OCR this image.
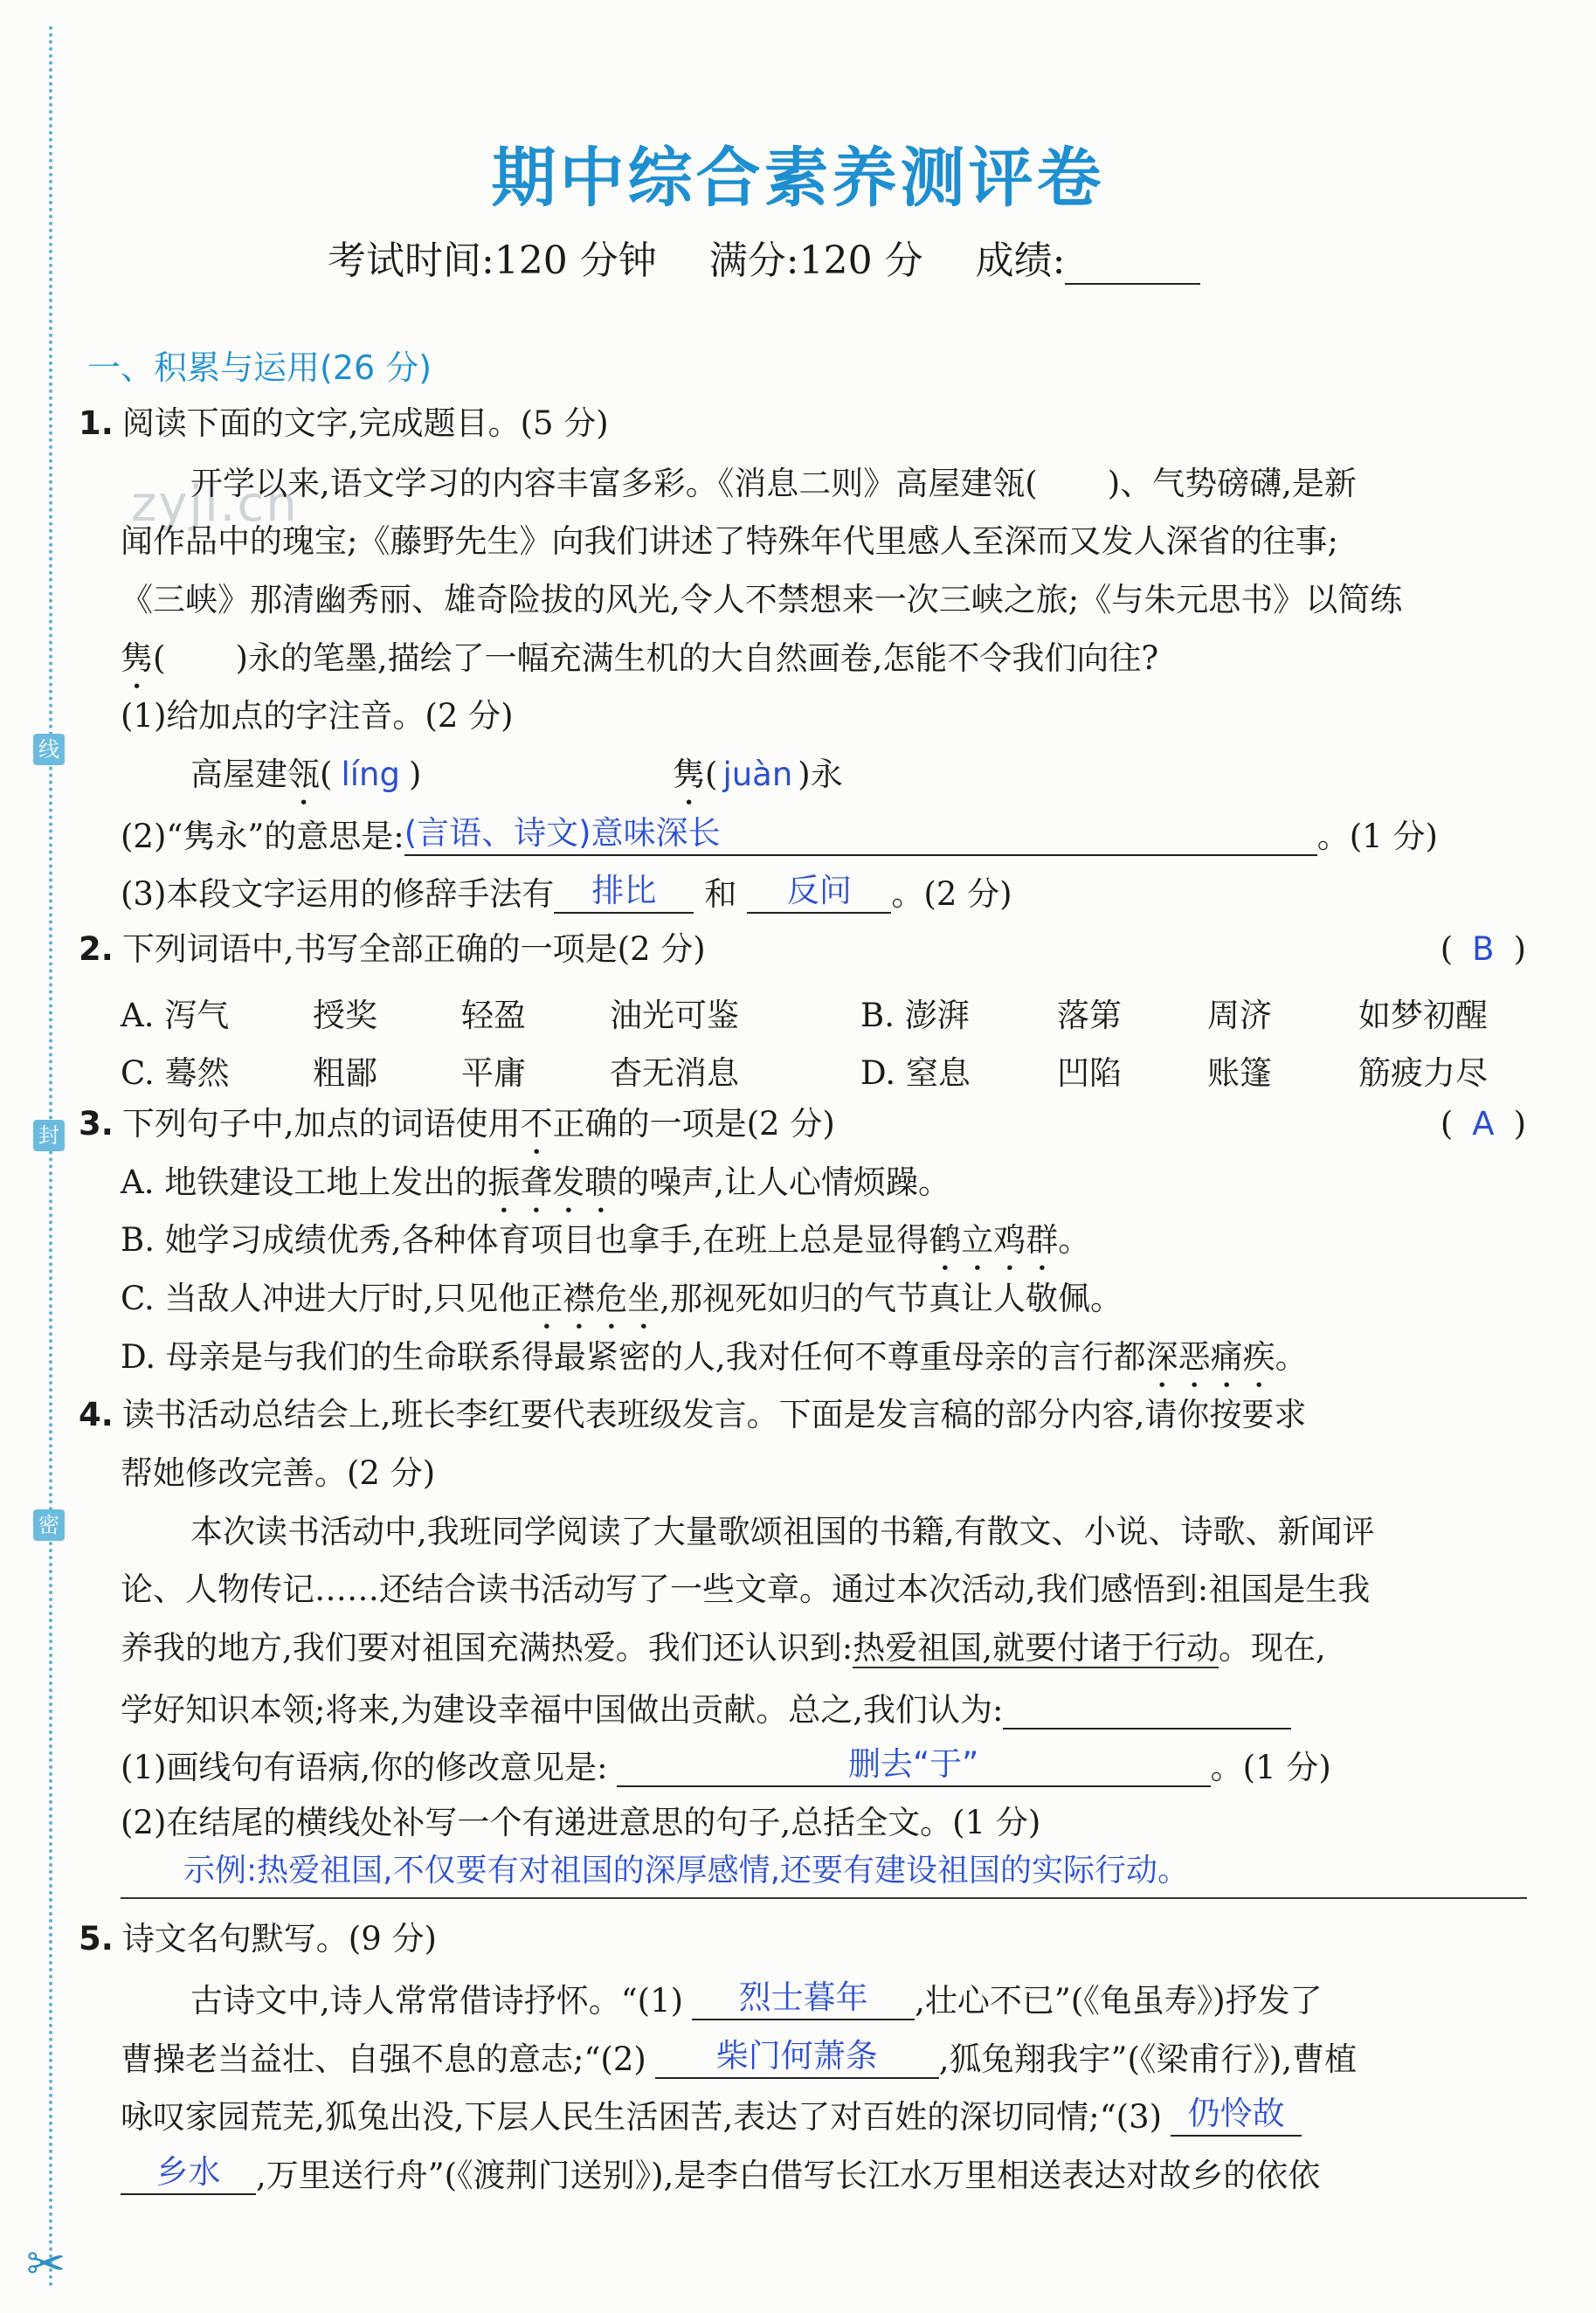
线
封
密
✂
zyjl.cn
期中综合素养测评卷
考试时间:120 分钟 满分:120 分 成绩:
一、积累与运用(26 分)
1. 阅读下面的文字,完成题目。(5 分)

开学以来,语文学习的内容丰富多彩。《消息二则》高屋建瓴( )、气势磅礴,是新

闻作品中的瑰宝;《藤野先生》向我们讲述了特殊年代里感人至深而又发人深省的往事;
《三峡》那清幽秀丽、雄奇险拔的风光,令人不禁想来一次三峡之旅;《与朱元思书》以简练
隽( )永的笔墨,描绘了一幅充满生机的大自然画卷,怎能不令我们向往?
(1)给加点的字注音。(2 分)
高屋建瓴( líng )	隽( juàn )永
(2)“隽永”的意思是:(言语、诗文)意味深长	。(1 分)
(3)本段文字运用的修辞手法有 排比 和 反问 。(2 分)
2. 下列词语中,书写全部正确的一项是(2 分)	( B )
A. 泻气	授奖	轻盈	油光可鉴	B. 澎湃	落第	周济	如梦初醒
C. 蓦然	粗鄙	平庸	杳无消息	D. 窒息	凹陷	账篷	筋疲力尽
3. 下列句子中,加点的词语使用不正确的一项是(2 分)	( A )
A. 地铁建设工地上发出的振聋发聩的噪声,让人心情烦躁。
B. 她学习成绩优秀,各种体育项目也拿手,在班上总是显得鹤立鸡群。
C. 当敌人冲进大厅时,只见他正襟危坐,那视死如归的气节真让人敬佩。
D. 母亲是与我们的生命联系得最紧密的人,我对任何不尊重母亲的言行都深恶痛疾。
4. 读书活动总结会上,班长李红要代表班级发言。下面是发言稿的部分内容,请你按要求
帮她修改完善。(2 分)
本次读书活动中,我班同学阅读了大量歌颂祖国的书籍,有散文、小说、诗歌、新闻评
论、人物传记……还结合读书活动写了一些文章。通过本次活动,我们感悟到:祖国是生我
养我的地方,我们要对祖国充满热爱。我们还认识到:热爱祖国,就要付诸于行动。现在,
学好知识本领;将来,为建设幸福中国做出贡献。总之,我们认为:
(1)画线句有语病,你的修改意见是:	删去“于”	。(1 分)
(2)在结尾的横线处补写一个有递进意思的句子,总括全文。(1 分)
示例:热爱祖国,不仅要有对祖国的深厚感情,还要有建设祖国的实际行动。
5. 诗文名句默写。(9 分)
古诗文中,诗人常常借诗抒怀。“(1) 烈士暮年 ,壮心不已”(《龟虽寿》)抒发了
曹操老当益壮、自强不息的意志;“(2) 柴门何萧条 ,狐兔翔我宇”(《梁甫行》),曹植
咏叹家园荒芜,狐兔出没,下层人民生活困苦,表达了对百姓的深切同情;“(3) 仍怜故
乡水 ,万里送行舟”(《渡荆门送别》),是李白借写长江水万里相送表达对故乡的依依
